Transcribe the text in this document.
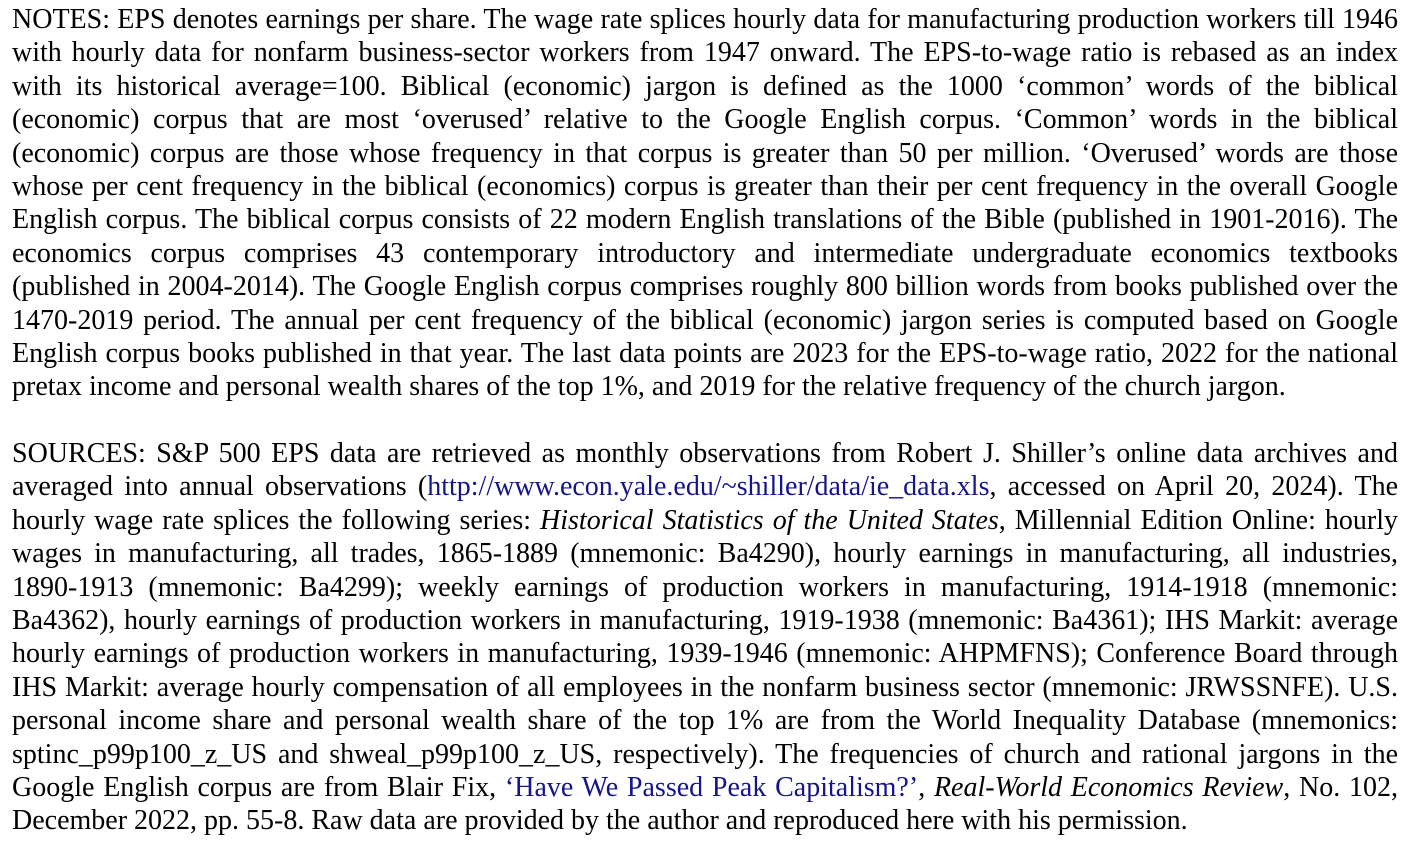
NOTES: EPS denotes earnings per share. The wage rate splices hourly data for manufacturing production workers till 1946 with hourly data for nonfarm business-sector workers from 1947 onward. The EPS-to-wage ratio is rebased as an index with its historical average=100. Biblical (economic) jargon is defined as the 1000 ‘common’ words of the biblical (economic) corpus that are most ‘overused’ relative to the Google English corpus. ‘Common’ words in the biblical (economic) corpus are those whose frequency in that corpus is greater than 50 per million. ‘Overused’ words are those whose per cent frequency in the biblical (economics) corpus is greater than their per cent frequency in the overall Google English corpus. The biblical corpus consists of 22 modern English translations of the Bible (published in 1901-2016). The economics corpus comprises 43 contemporary introductory and intermediate undergraduate economics textbooks (published in 2004-2014). The Google English corpus comprises roughly 800 billion words from books published over the 1470-2019 period. The annual per cent frequency of the biblical (economic) jargon series is computed based on Google English corpus books published in that year. The last data points are 2023 for the EPS-to-wage ratio, 2022 for the national pretax income and personal wealth shares of the top 1%, and 2019 for the relative frequency of the church jargon.

SOURCES: S&P 500 EPS data are retrieved as monthly observations from Robert J. Shiller’s online data archives and averaged into annual observations (http://www.econ.yale.edu/~shiller/data/ie_data.xls, accessed on April 20, 2024). The hourly wage rate splices the following series: Historical Statistics of the United States, Millennial Edition Online: hourly wages in manufacturing, all trades, 1865-1889 (mnemonic: Ba4290), hourly earnings in manufacturing, all industries, 1890-1913 (mnemonic: Ba4299); weekly earnings of production workers in manufacturing, 1914-1918 (mnemonic: Ba4362), hourly earnings of production workers in manufacturing, 1919-1938 (mnemonic: Ba4361); IHS Markit: average hourly earnings of production workers in manufacturing, 1939-1946 (mnemonic: AHPMFNS); Conference Board through IHS Markit: average hourly compensation of all employees in the nonfarm business sector (mnemonic: JRWSSNFE). U.S. personal income share and personal wealth share of the top 1% are from the World Inequality Database (mnemonics: sptinc_p99p100_z_US and shweal_p99p100_z_US, respectively). The frequencies of church and rational jargons in the Google English corpus are from Blair Fix, ‘Have We Passed Peak Capitalism?’, Real-World Economics Review, No. 102, December 2022, pp. 55-8. Raw data are provided by the author and reproduced here with his permission.
